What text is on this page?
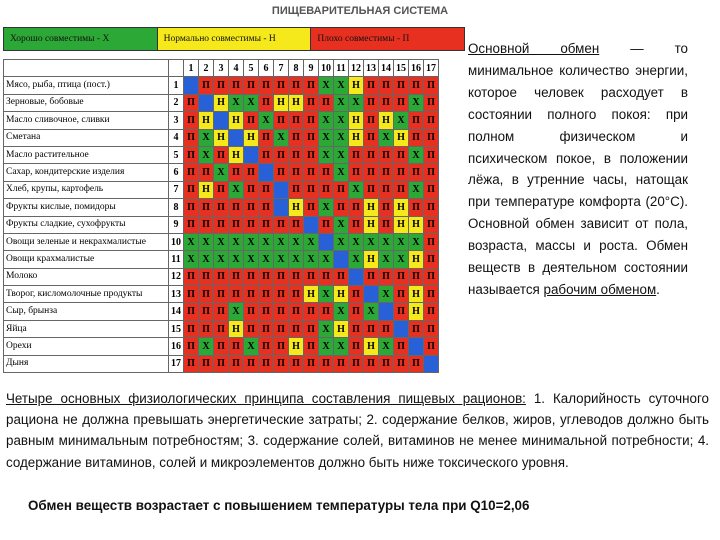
ПИЩЕВАРИТЕЛЬНАЯ СИСТЕМА
Хорошо совместимы - Х	Нормально совместимы - Н	Плохо совместимы - П
		1	2	3	4	5	6	7	8	9	10	11	12	13	14	15	16	17
Мясо, рыба, птица (пост.)	1		П	П	П	П	П	П	П	П	Х	Х	Н	П	П	П	П	П
Зерновые, бобовые	2	П		Н	Х	Х	П	Н	Н	П	П	Х	Х	П	П	П	Х	П
Масло сливочное, сливки	3	П	Н		Н	П	Х	П	П	П	Х	Х	Н	П	Н	Х	П	П
Сметана	4	П	Х	Н		Н	П	Х	П	П	Х	Х	Н	П	Х	Н	П	П
Масло растительное	5	П	Х	П	Н		П	П	П	П	Х	Х	П	П	П	П	Х	П
Сахар, кондитерские изделия	6	П	П	Х	П	П		П	П	П	П	Х	П	П	П	П	П	П
Хлеб, крупы, картофель	7	П	Н	П	Х	П	П		П	П	П	П	Х	П	П	П	Х	П
Фрукты кислые, помидоры	8	П	П	П	П	П	П		Н	П	Х	П	П	Н	П	Н	П	П
Фрукты сладкие, сухофрукты	9	П	П	П	П	П	П	П	П		П	Х	П	Н	П	Н	Н	П
Овощи зеленые и некрахмалистые	10	Х	Х	Х	Х	Х	Х	Х	Х	Х		Х	Х	Х	Х	Х	Х	П
Овощи крахмалистые	11	Х	Х	Х	Х	Х	Х	Х	Х	Х	Х		Х	Н	Х	Х	Н	П
Молоко	12	П	П	П	П	П	П	П	П	П	П	П		П	П	П	П	П
Творог, кисломолочные продукты	13	П	П	П	П	П	П	П	П	Н	Х	Н	П		Х	П	Н	П
Сыр, брынза	14	П	П	П	Х	П	П	П	П	П	П	Х	П	Х		П	Н	П
Яйца	15	П	П	П	Н	П	П	П	П	П	Х	Н	П	П	П		П	П
Орехи	16	П	Х	П	П	Х	П	П	Н	П	Х	Х	П	Н	Х	П		П
Дыня	17	П	П	П	П	П	П	П	П	П	П	П	П	П	П	П	П	
Основной обмен — то минимальное количество энергии, которое человек расходует в состоянии полного покоя: при полном физическом и психическом покое, в положении лёжа, в утренние часы, натощак при температуре комфорта (20°С). Основной обмен зависит от пола, возраста, массы и роста. Обмен веществ в деятельном состоянии называется рабочим обменом.
Четыре основных физиологических принципа составления пищевых рационов: 1. Калорийность суточного рациона не должна превышать энергетические затраты; 2. содержание белков, жиров, углеводов должно быть равным минимальным потребностям; 3. содержание солей, витаминов не менее минимальной потребности; 4. содержание витаминов, солей и микроэлементов должно быть ниже токсического уровня.
Обмен веществ возрастает с повышением температуры тела при Q10=2,06
